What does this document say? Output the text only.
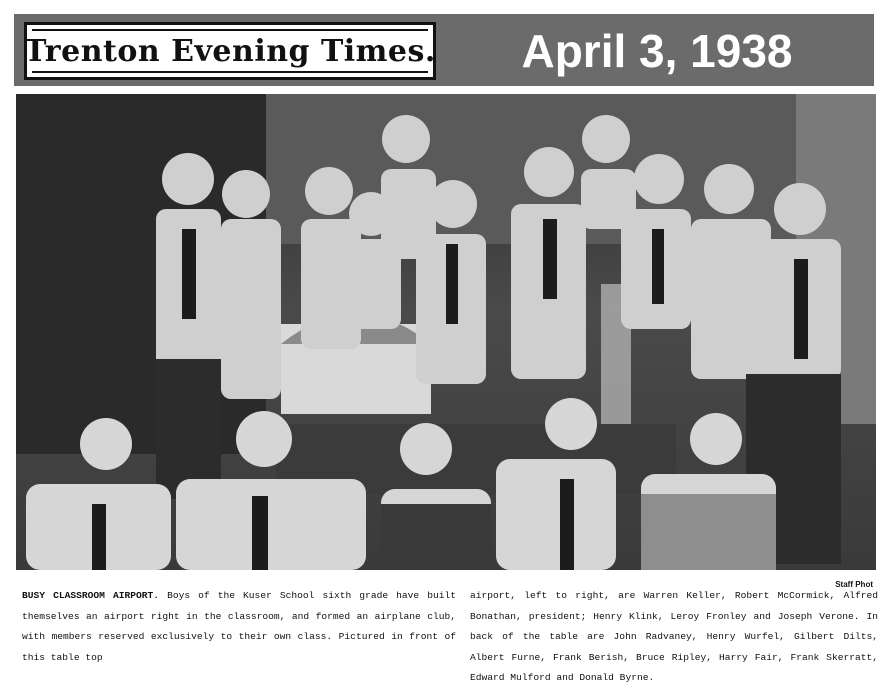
Trenton Evening Times.	April 3, 1938
Staff Phot
BUSY CLASSROOM AIRPORT. Boys of the Kuser School sixth grade have built themselves an airport right in the classroom, and formed an airplane club, with members reserved exclusively to their own class. Pictured in front of this table top
airport, left to right, are Warren Keller, Robert McCormick, Alfred Bonathan, president; Henry Klink, Leroy Fronley and Joseph Verone. In back of the table are John Radvaney, Henry Wurfel, Gilbert Dilts, Albert Furne, Frank Berish, Bruce Ripley, Harry Fair, Frank Skerratt, Edward Mulford and Donald Byrne.
